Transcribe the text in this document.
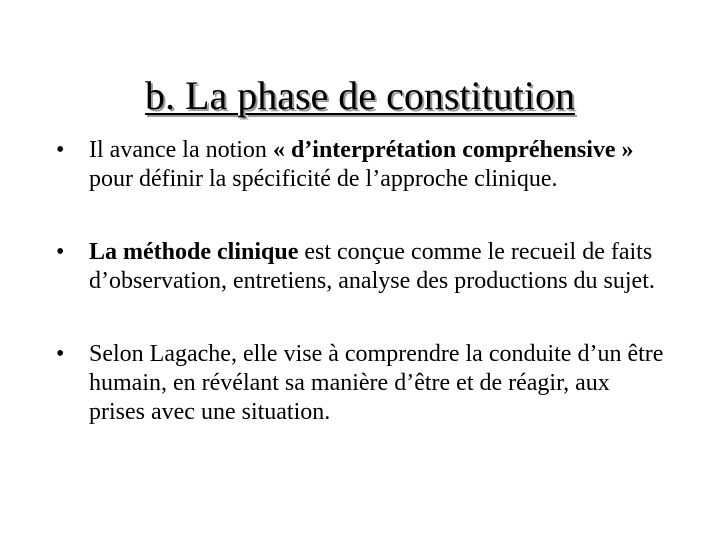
b. La phase de constitution
• Il avance la notion « d’interprétation compréhensive » pour définir la spécificité de l’approche clinique.
• La méthode clinique est conçue comme le recueil de faits d’observation, entretiens, analyse des productions du sujet.
• Selon Lagache, elle vise à comprendre la conduite d’un être humain, en révélant sa manière d’être et de réagir, aux prises avec une situation.
